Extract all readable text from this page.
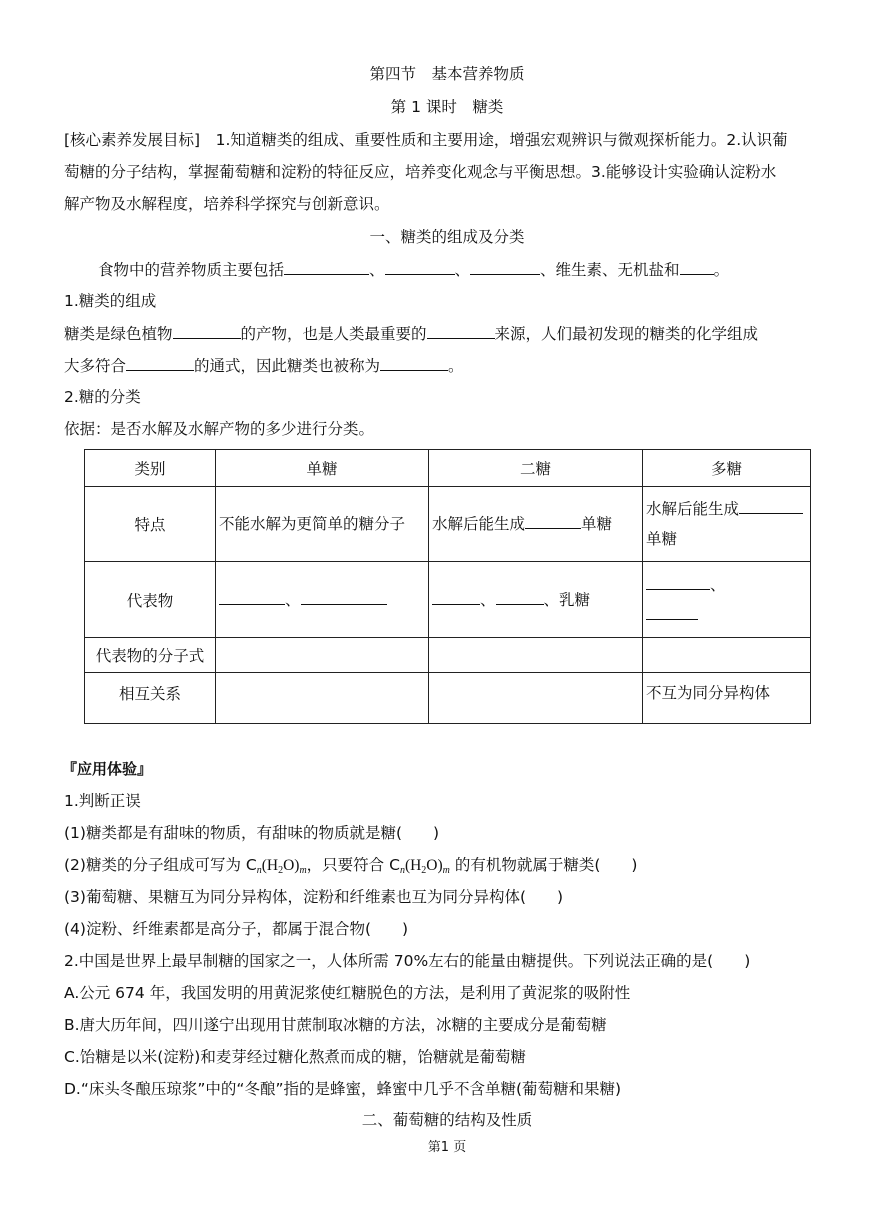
第四节　基本营养物质
第 1 课时　糖类
[核心素养发展目标]　1.知道糖类的组成、重要性质和主要用途，增强宏观辨识与微观探析能力。2.认识葡
萄糖的分子结构，掌握葡萄糖和淀粉的特征反应，培养变化观念与平衡思想。3.能够设计实验确认淀粉水
解产物及水解程度，培养科学探究与创新意识。
一、糖类的组成及分类
食物中的营养物质主要包括	、	、	、维生素、无机盐和 。
1.糖类的组成
糖类是绿色植物	的产物，也是人类最重要的	来源，人们最初发现的糖类的化学组成
大多符合	的通式，因此糖类也被称为	。
2.糖的分类
依据：是否水解及水解产物的多少进行分类。
类别	单糖	二糖	多糖
特点	不能水解为更简单的糖分子	水解后能生成 单糖	水解后能生成
单糖

代表物	、	、 、乳糖	、

代表物的分子式			
相互关系			不互为同分异构体
『应用体验』
1.判断正误
(1)糖类都是有甜味的物质，有甜味的物质就是糖(　　)
(2)糖类的分子组成可写为 $C_n(H2O)_m$，只要符合 $C_n(H2O)_m$ 的有机物就属于糖类(　　)
(3)葡萄糖、果糖互为同分异构体，淀粉和纤维素也互为同分异构体(　　)
(4)淀粉、纤维素都是高分子，都属于混合物(　　)
2.中国是世界上最早制糖的国家之一，人体所需 70%左右的能量由糖提供。下列说法正确的是(　　)
A.公元 674 年，我国发明的用黄泥浆使红糖脱色的方法，是利用了黄泥浆的吸附性
B.唐大历年间，四川遂宁出现用甘蔗制取冰糖的方法，冰糖的主要成分是葡萄糖
C.饴糖是以米(淀粉)和麦芽经过糖化熬煮而成的糖，饴糖就是葡萄糖
D.“床头冬酿压琼浆”中的“冬酿”指的是蜂蜜，蜂蜜中几乎不含单糖(葡萄糖和果糖)
二、葡萄糖的结构及性质
第1 页
